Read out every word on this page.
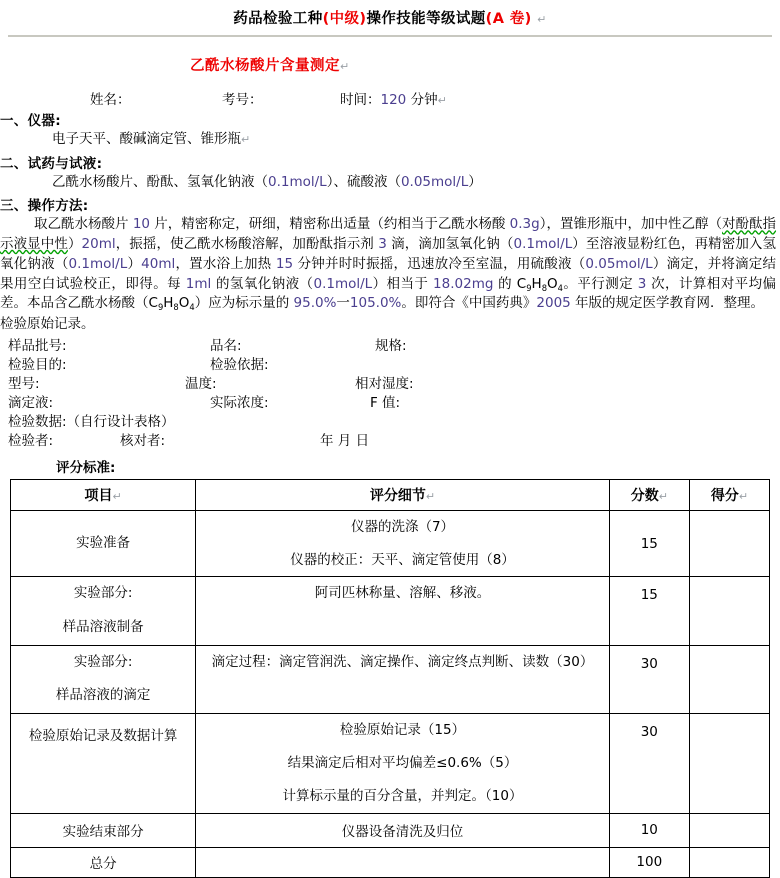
药品检验工种(中级)操作技能等级试题(A 卷) ↵
乙酰水杨酸片含量测定↵
姓名：	考号：	时间：120 分钟↵
一、仪器:
电子天平、酸碱滴定管、锥形瓶↵
二、试药与试液:
乙酰水杨酸片、酚酞、氢氧化钠液（0.1mol/L）、硫酸液（0.05mol/L）
三、操作方法:
取乙酰水杨酸片 10 片，精密称定，研细，精密称出适量（约相当于乙酰水杨酸 0.3g），置锥形瓶中，加中性乙醇（对酚酞指示液显中性）20ml，振摇，使乙酰水杨酸溶解，加酚酞指示剂 3 滴，滴加氢氧化钠（0.1mol/L）至溶液显粉红色，再精密加入氢氧化钠液（0.1mol/L）40ml，置水浴上加热 15 分钟并时时振摇，迅速放冷至室温，用硫酸液（0.05mol/L）滴定，并将滴定结果用空白试验校正，即得。每 1ml 的氢氧化钠液（0.1mol/L）相当于 18.02mg 的 $C_9H_8O_4$。平行测定 3 次，计算相对平均偏差。本品含乙酰水杨酸$(C_9H_8O_4)$应为标示量的 95.0%一105.0%。即符合《中国药典》2005 年版的规定医学教育网．整理。
检验原始记录。
样品批号:	品名:	规格:
检验目的:	检验依据:
型号:	温度:	相对湿度:
滴定液:	实际浓度:	F 值:
检验数据:（自行设计表格）
检验者:	核对者:	年 月 日
评分标准:
项目↵	评分细节↵	分数↵	得分↵

实验准备	仪器的洗涤（7）

仪器的校正：天平、滴定管使用（8）	15	

实验部分:

样品溶液制备	阿司匹林称量、溶解、移液。	15	

实验部分:

样品溶液的滴定	滴定过程：滴定管润洗、滴定操作、滴定终点判断、读数（30）	30	

检验原始记录及数据计算	检验原始记录（15）

结果滴定后相对平均偏差≤0.6%（5）

计算标示量的百分含量，并判定。（10）	30	

实验结束部分	仪器设备清洗及归位	10	
总分		100	
